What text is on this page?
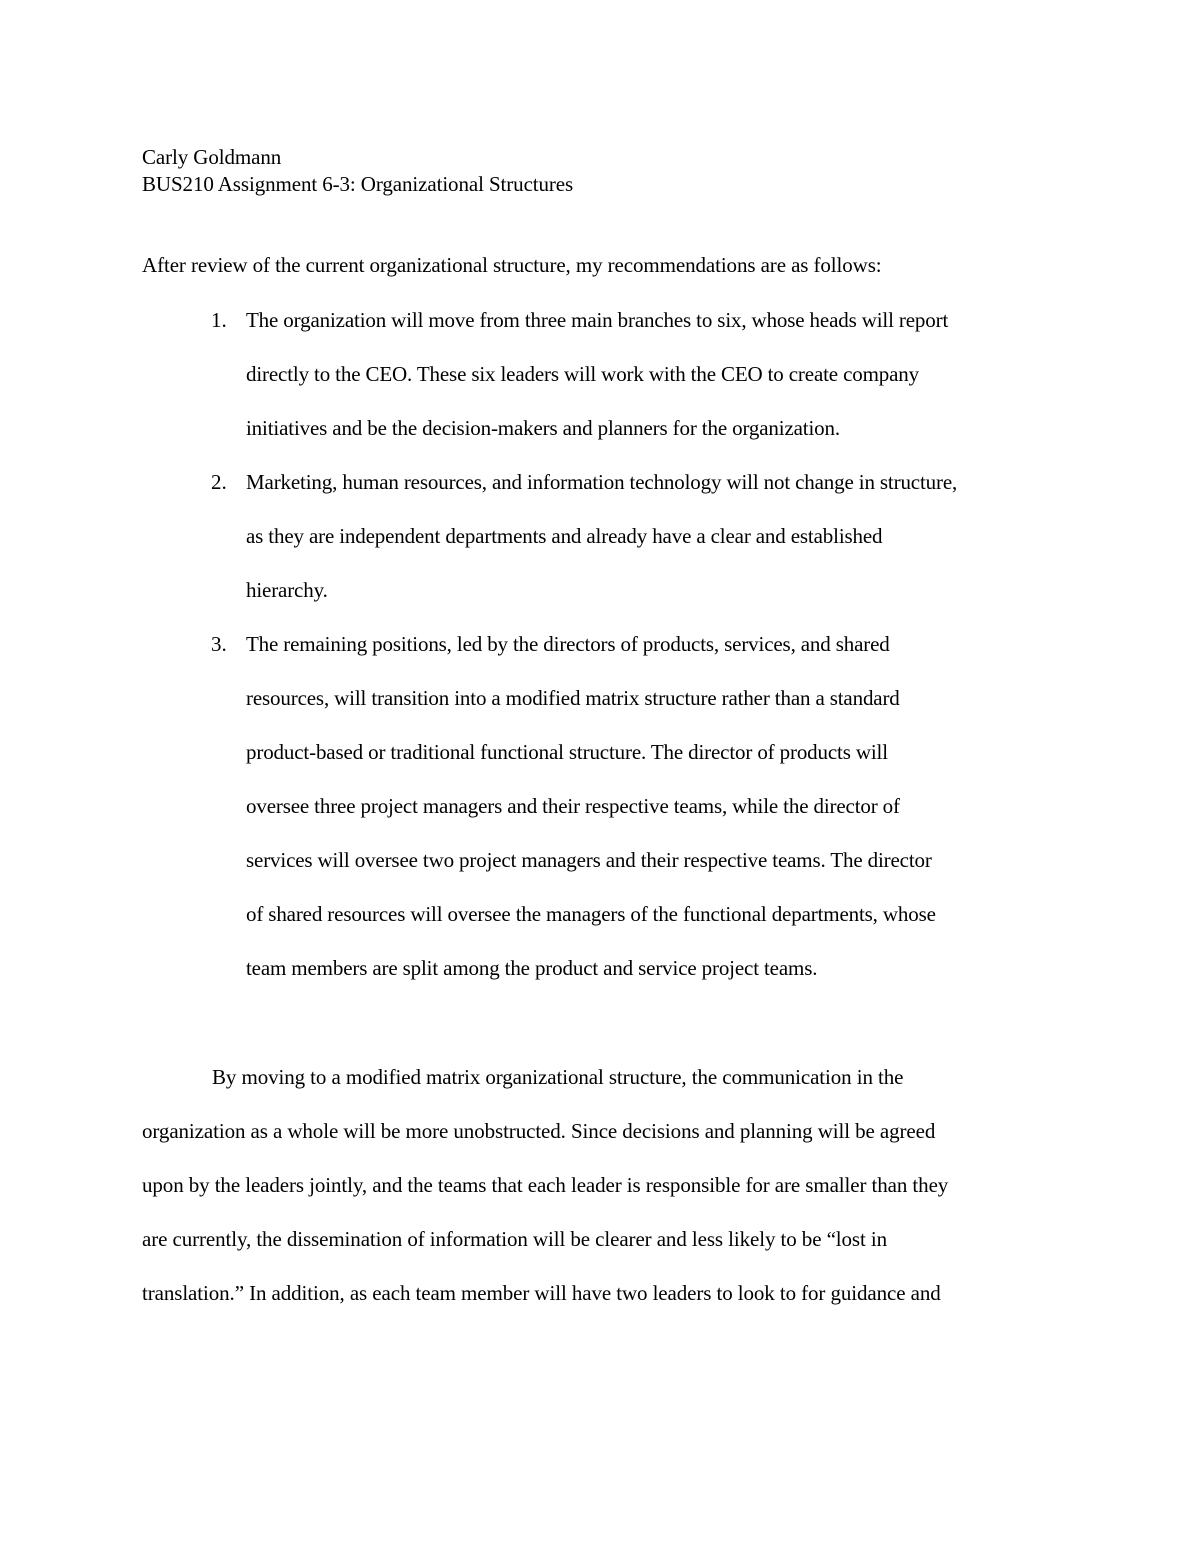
Carly Goldmann
BUS210 Assignment 6-3: Organizational Structures
After review of the current organizational structure, my recommendations are as follows:
1. The organization will move from three main branches to six, whose heads will report
directly to the CEO. These six leaders will work with the CEO to create company
initiatives and be the decision-makers and planners for the organization.
2. Marketing, human resources, and information technology will not change in structure,
as they are independent departments and already have a clear and established
hierarchy.
3. The remaining positions, led by the directors of products, services, and shared
resources, will transition into a modified matrix structure rather than a standard
product-based or traditional functional structure. The director of products will
oversee three project managers and their respective teams, while the director of
services will oversee two project managers and their respective teams. The director
of shared resources will oversee the managers of the functional departments, whose
team members are split among the product and service project teams.
By moving to a modified matrix organizational structure, the communication in the
organization as a whole will be more unobstructed. Since decisions and planning will be agreed
upon by the leaders jointly, and the teams that each leader is responsible for are smaller than they
are currently, the dissemination of information will be clearer and less likely to be “lost in
translation.” In addition, as each team member will have two leaders to look to for guidance and
